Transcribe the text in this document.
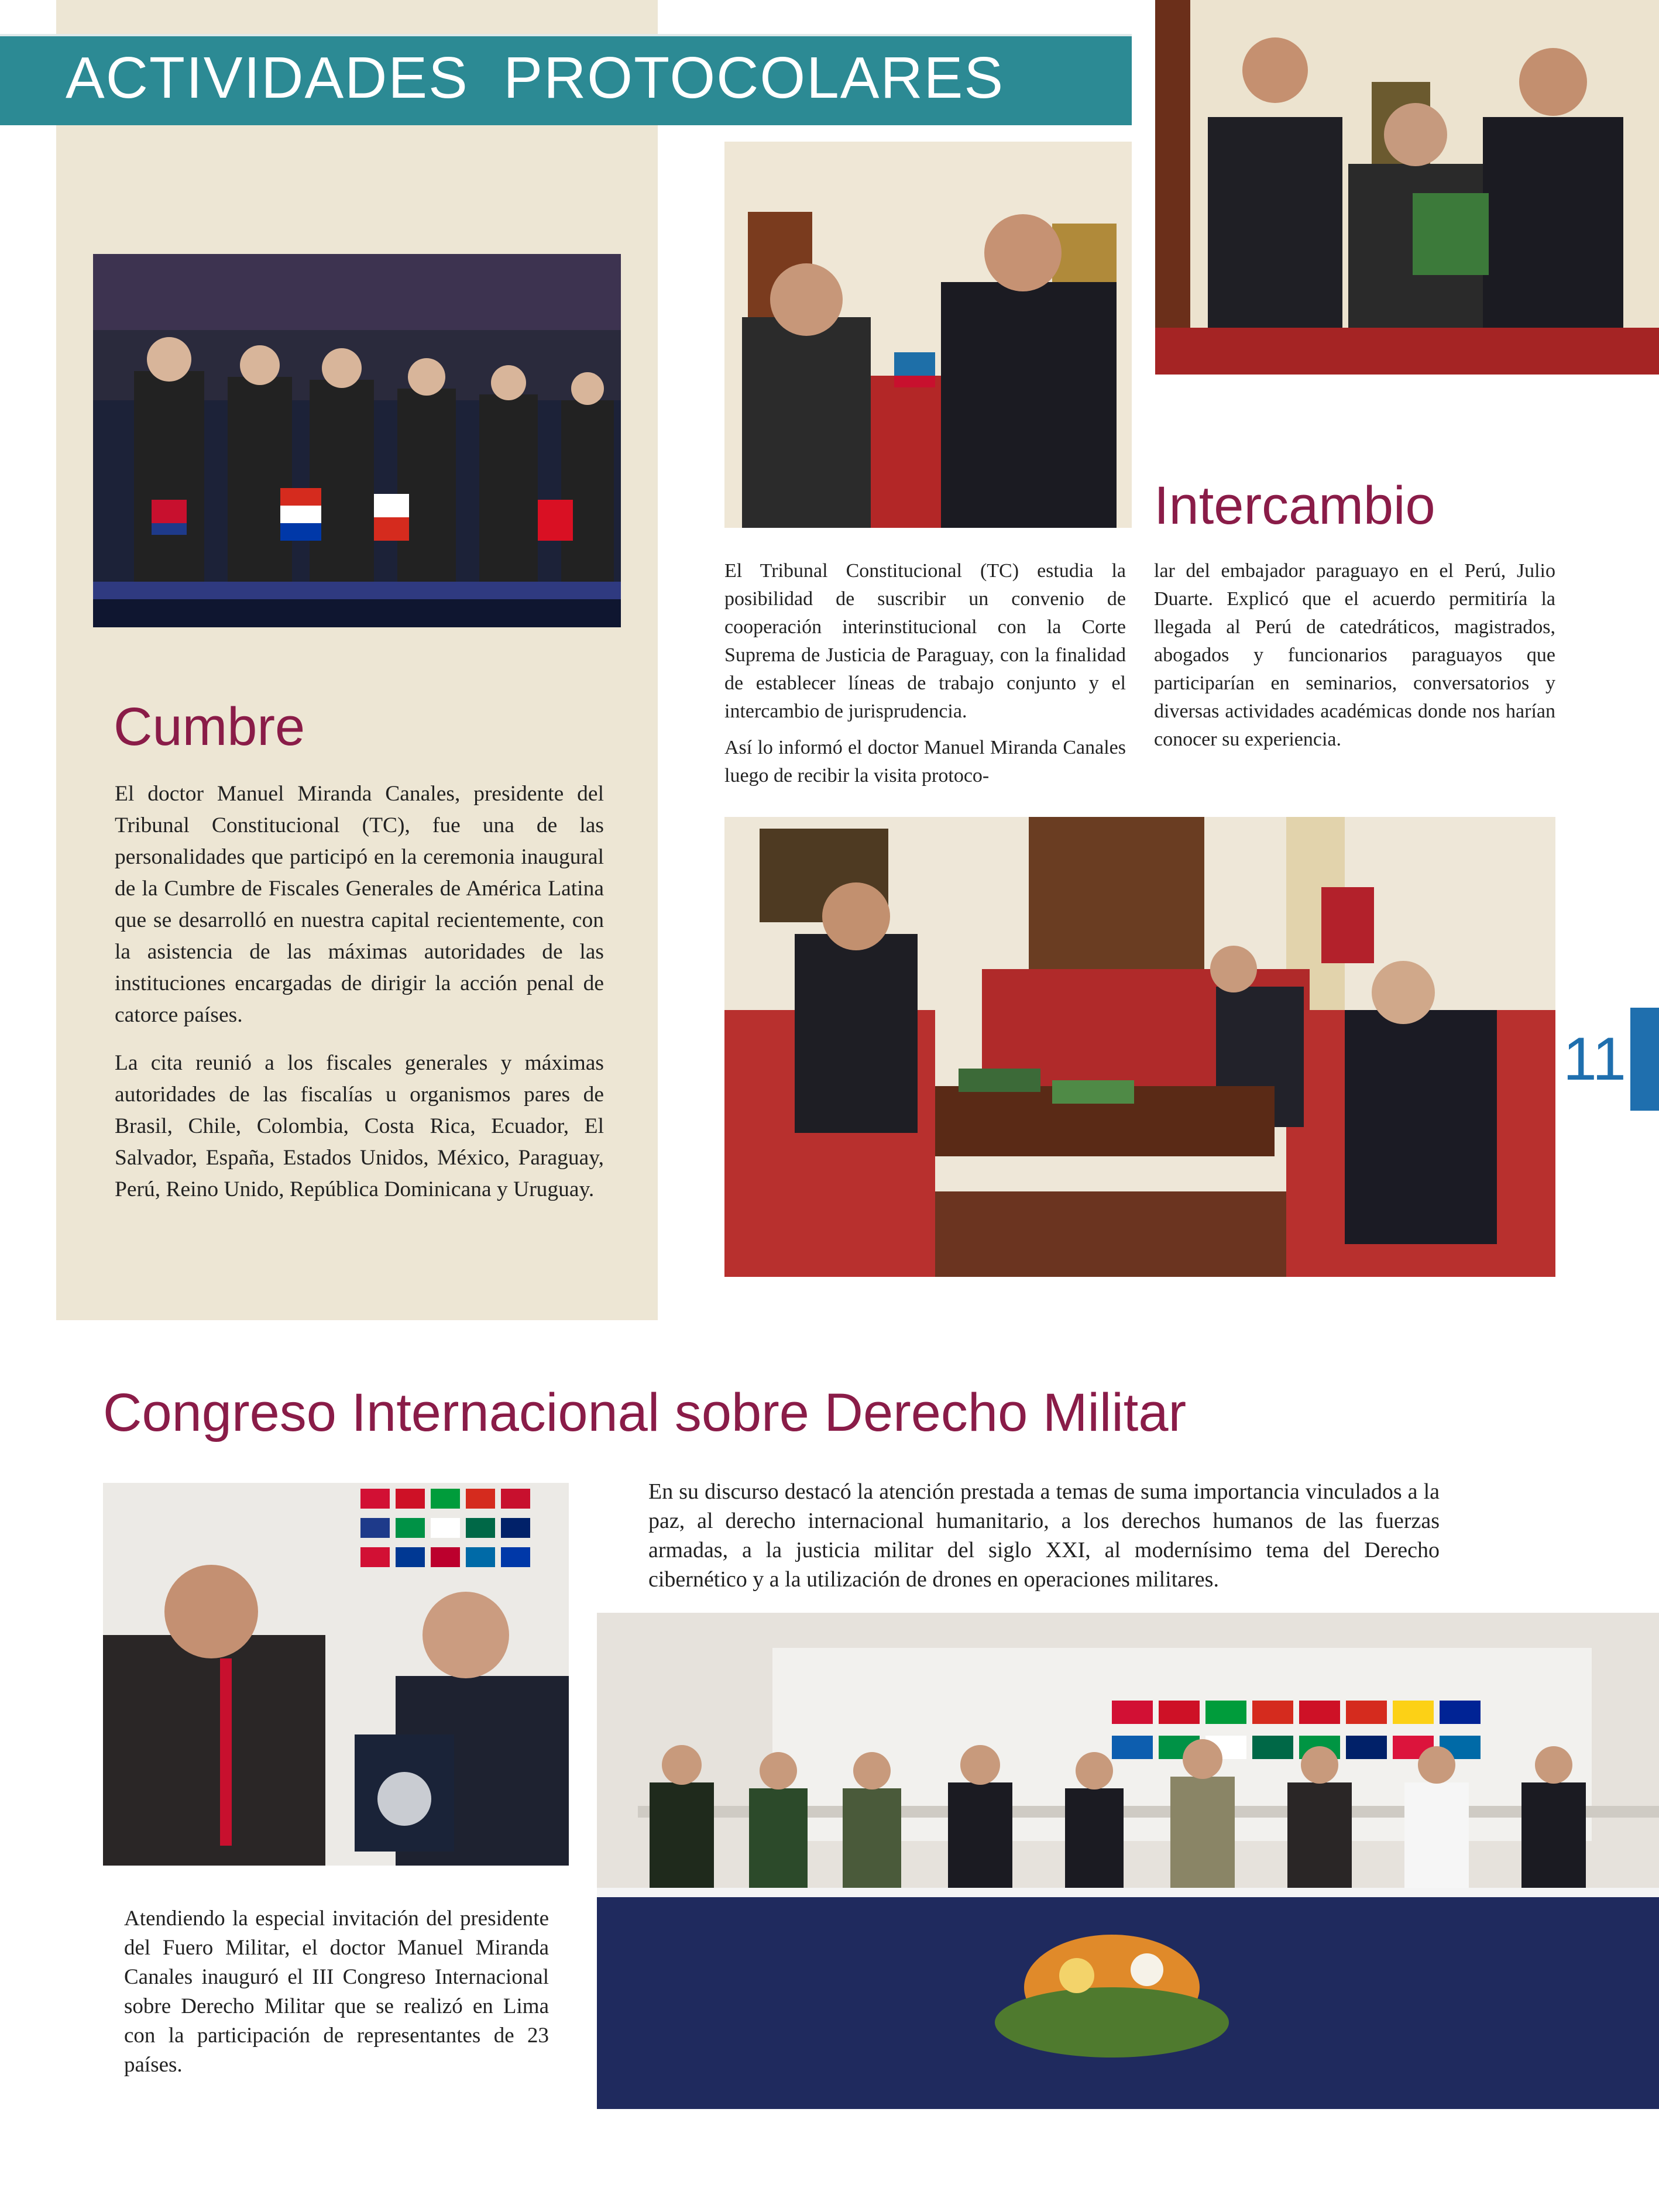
ACTIVIDADES  PROTOCOLARES
Intercambio

El Tribunal Constitucional (TC) estudia la posibilidad de suscribir un convenio de cooperación interinstitucional con la Corte Suprema de Justicia de Paraguay, con la finalidad de establecer líneas de trabajo conjunto y el intercambio de jurisprudencia.

Así lo informó el doctor Manuel Miranda Canales luego de recibir la visita protoco-

lar del embajador paraguayo en el Perú, Julio Duarte. Explicó que el acuerdo permitiría la llegada al Perú de catedráticos, magistrados, abogados y funcionarios paraguayos que participarían en seminarios, conversatorios y diversas actividades académicas donde nos harían conocer su experiencia.

Cumbre

El doctor Manuel Miranda Canales, presidente del Tribunal Constitucional (TC), fue una de las personalidades que participó en la ceremonia inaugural de la Cumbre de Fiscales Generales de América Latina que se desarrolló en nuestra capital recientemente, con la asistencia de las máximas autoridades de las instituciones encargadas de dirigir la acción penal de catorce países.

La cita reunió a los fiscales generales y máximas autoridades de las fiscalías u organismos pares de Brasil, Chile, Colombia, Costa Rica, Ecuador, El Salvador, España, Estados Unidos, México, Paraguay, Perú, Reino Unido, República Dominicana y Uruguay.

11
Congreso Internacional sobre Derecho Militar

En su discurso destacó la atención prestada a temas de suma importancia vinculados a la paz, al derecho internacional humanitario, a los derechos humanos de las fuerzas armadas, a la justicia militar del siglo XXI, al modernísimo tema del Derecho cibernético y a la utilización de drones en operaciones militares.

Atendiendo la especial invitación del presidente del Fuero Militar, el doctor Manuel Miranda Canales inauguró el III Congreso Internacional sobre Derecho Militar que se realizó en Lima con la participación de representantes de 23 países.
